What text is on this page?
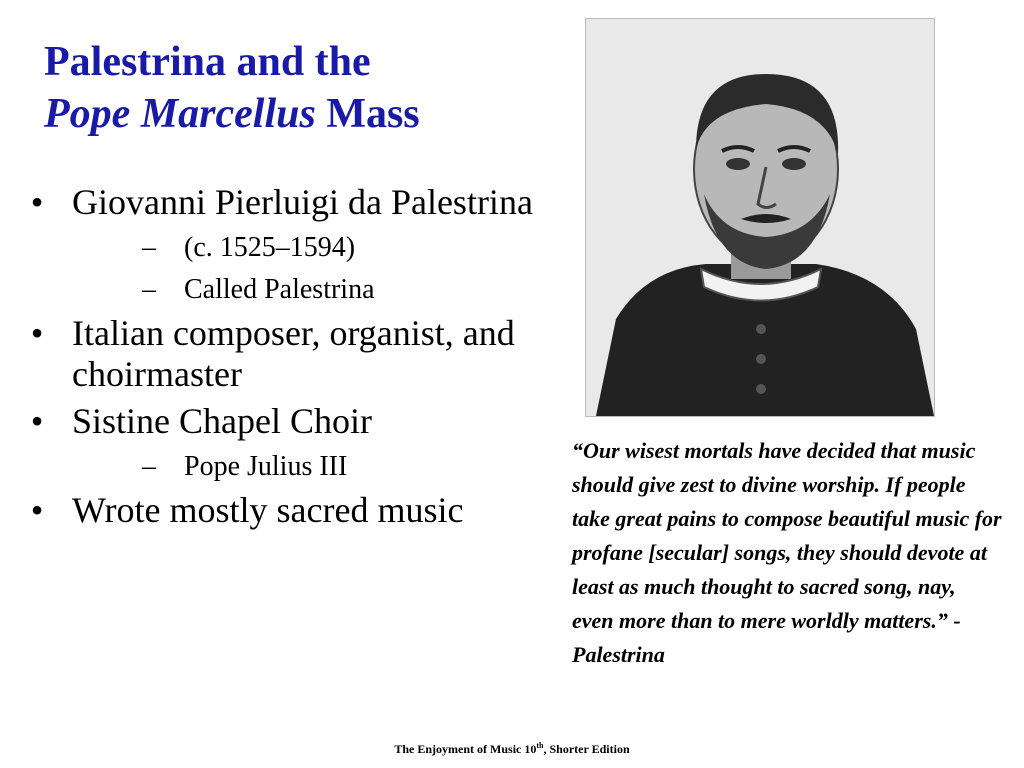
Palestrina and the
Pope Marcellus Mass
• Giovanni Pierluigi da Palestrina
– (c. 1525–1594)
– Called Palestrina
• Italian composer, organist, and choirmaster
• Sistine Chapel Choir
– Pope Julius III
• Wrote mostly sacred music
“Our wisest mortals have decided that music should give zest to divine worship. If people take great pains to compose beautiful music for profane [secular] songs, they should devote at least as much thought to sacred song, nay, even more than to mere worldly matters.” - Palestrina
The Enjoyment of Music 10th, Shorter Edition
